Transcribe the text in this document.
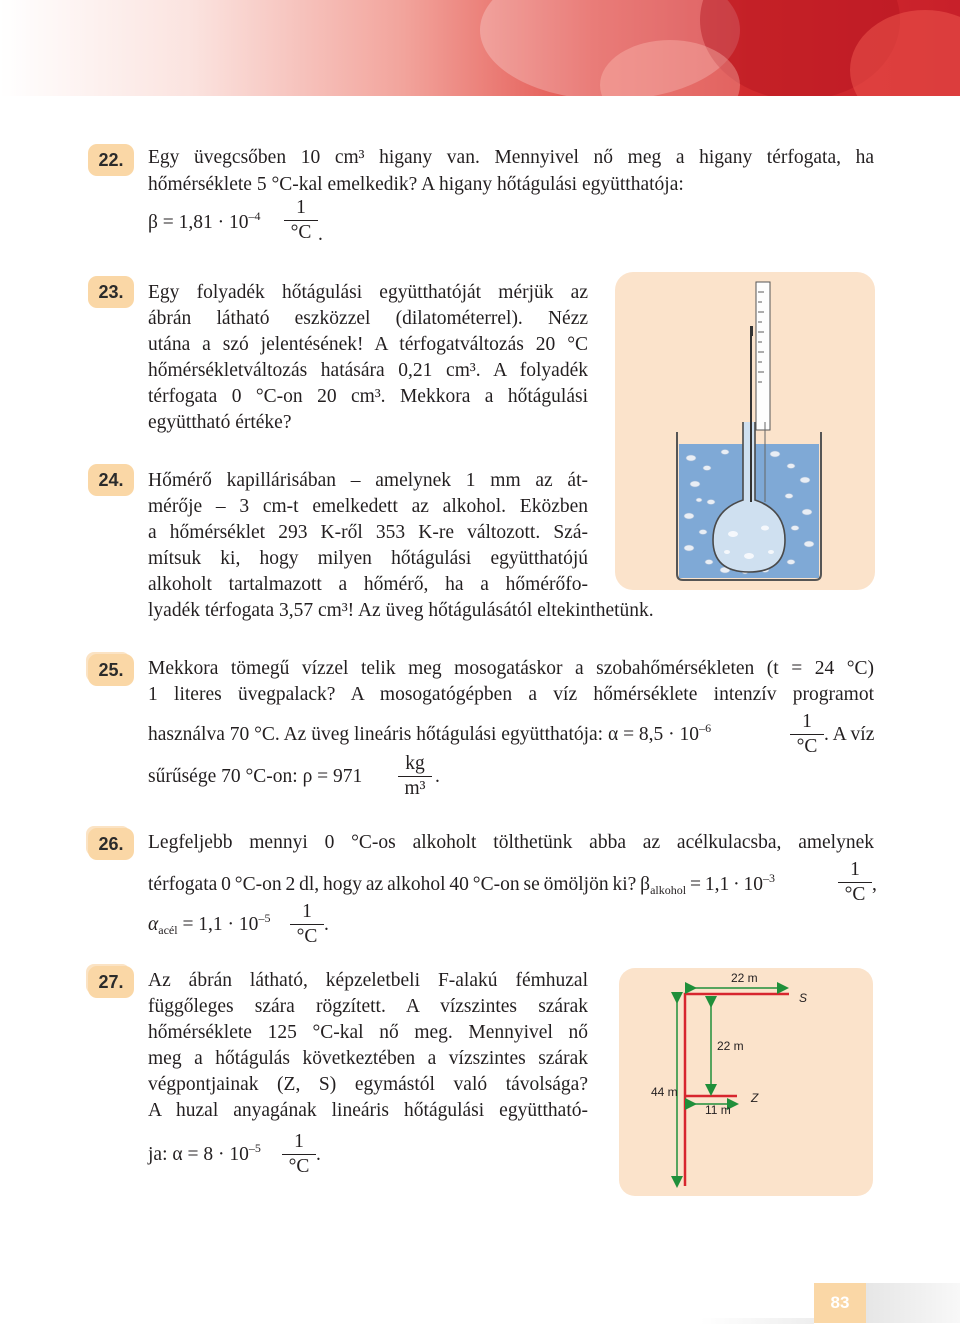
22.	Egy üvegcsőben 10 cm³ higany van. Mennyivel nő meg a higany térfogata, ha
hőmérséklete 5 °C-kal emelkedik? A higany hőtágulási együtthatója:
$\beta = 1,81 \cdot 10^{-4} \frac{1}{^\circ C}$ .
23.	Egy folyadék hőtágulási együtthatóját mérjük az
ábrán látható eszközzel (dilatométerrel). Nézz
utána a szó jelentésének! A térfogatváltozás 20 °C
hőmérsékletváltozás hatására 0,21 cm³. A folyadék
térfogata 0 °C-on 20 cm³. Mekkora a hőtágulási
együttható értéke?
24.	Hőmérő kapillárisában – amelynek 1 mm az át-
mérője – 3 cm-t emelkedett az alkohol. Eközben
a hőmérséklet 293 K-ről 353 K-re változott. Szá-
mítsuk ki, hogy milyen hőtágulási együtthatójú
alkoholt tartalmazott a hőmérő, ha a hőmérőfo-
lyadék térfogata 3,57 cm³! Az üveg hőtágulásától eltekinthetünk.
25.	Mekkora tömegű vízzel telik meg mosogatáskor a szobahőmérsékleten (t = 24 °C)
1 literes üvegpalack? A mosogatógépben a víz hőmérséklete intenzív programot
használva 70 °C. Az üveg lineáris hőtágulási együtthatója: $\alpha = 8,5 \cdot 10^{-6}$	$\frac{1}{^\circ C}$ . A víz
sűrűsége 70 °C-on: $\rho = 971 \frac{kg}{\text{m³}}$ .
26.	Legfeljebb mennyi 0 °C-os alkoholt tölthetünk abba az acélkulacsba, amelynek
térfogata 0 °C-on 2 dl, hogy az alkohol 40 °C-on se ömöljön ki? $\beta_{alkohol} = 1,1 \cdot 10^{-3}$	$\frac{1}{^\circ C}$ ,
$\alpha_{acél} = 1,1 \cdot 10^{-5} \frac{1}{^\circ C}$ .
27.	Az ábrán látható, képzeletbeli F-alakú fémhuzal
függőleges szára rögzített. A vízszintes szárak
hőmérséklete 125 °C-kal nő meg. Mennyivel nő
meg a hőtágulás következtében a vízszintes szárak
végpontjainak (Z, S) egymástól való távolsága?
A huzal anyagának lineáris hőtágulási együttható-
ja: $\alpha = 8 \cdot 10^{-5} \frac{1}{^\circ C}$ .
22 m
S
22 m
44 m
11 m
Z
83
